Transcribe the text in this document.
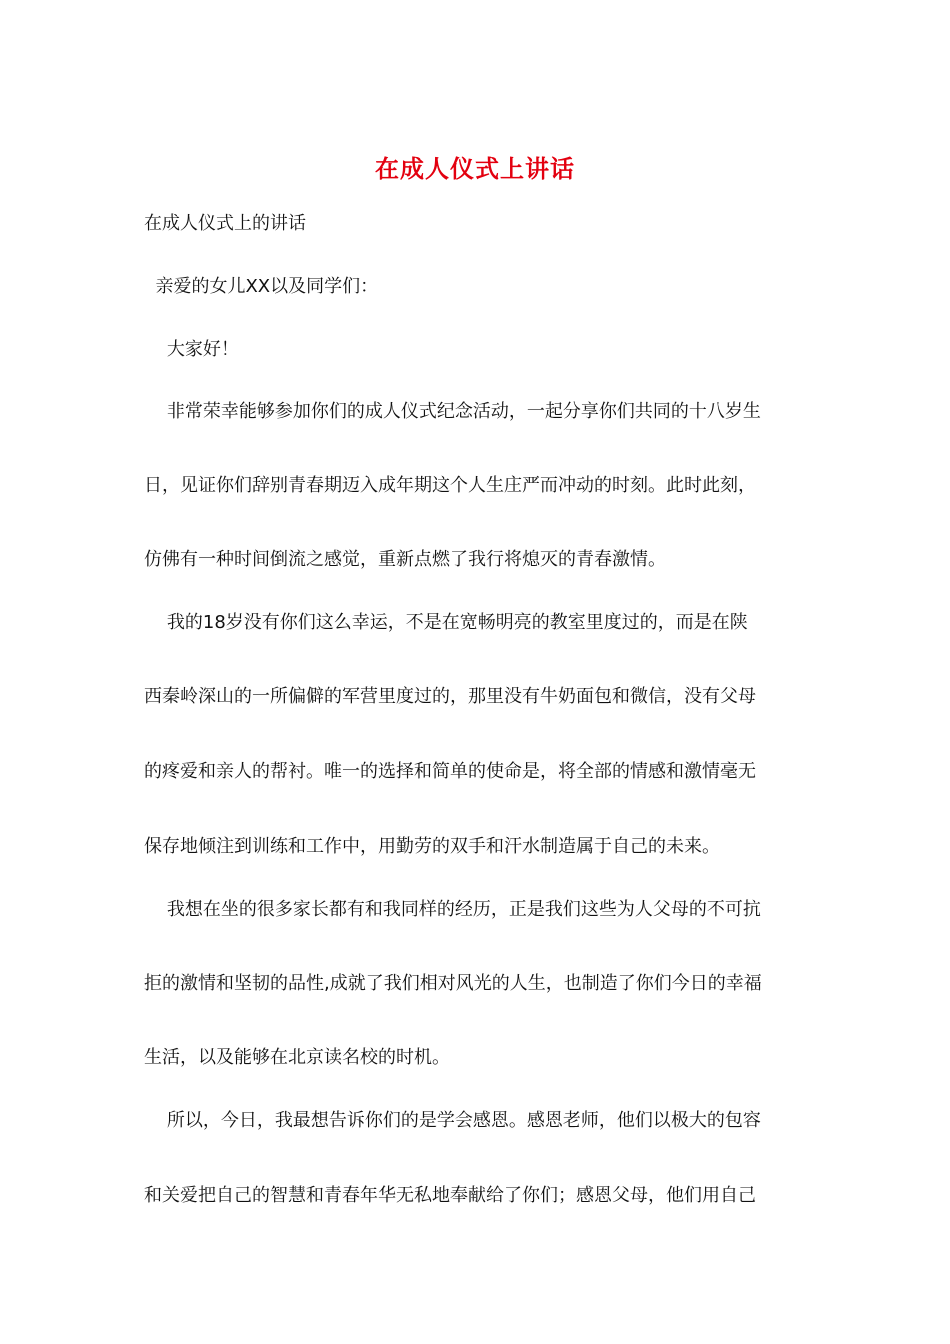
在成人仪式上讲话
在成人仪式上的讲话
亲爱的女儿XX以及同学们：
大家好！
非常荣幸能够参加你们的成人仪式纪念活动，一起分享你们共同的十八岁生
日，见证你们辞别青春期迈入成年期这个人生庄严而冲动的时刻。此时此刻，
仿佛有一种时间倒流之感觉，重新点燃了我行将熄灭的青春激情。
我的18岁没有你们这么幸运，不是在宽畅明亮的教室里度过的，而是在陕
西秦岭深山的一所偏僻的军营里度过的，那里没有牛奶面包和微信，没有父母
的疼爱和亲人的帮衬。唯一的选择和简单的使命是，将全部的情感和激情毫无
保存地倾注到训练和工作中，用勤劳的双手和汗水制造属于自己的未来。
我想在坐的很多家长都有和我同样的经历，正是我们这些为人父母的不可抗
拒的激情和坚韧的品性,成就了我们相对风光的人生，也制造了你们今日的幸福
生活，以及能够在北京读名校的时机。
所以，今日，我最想告诉你们的是学会感恩。感恩老师，他们以极大的包容
和关爱把自己的智慧和青春年华无私地奉献给了你们；感恩父母，他们用自己
